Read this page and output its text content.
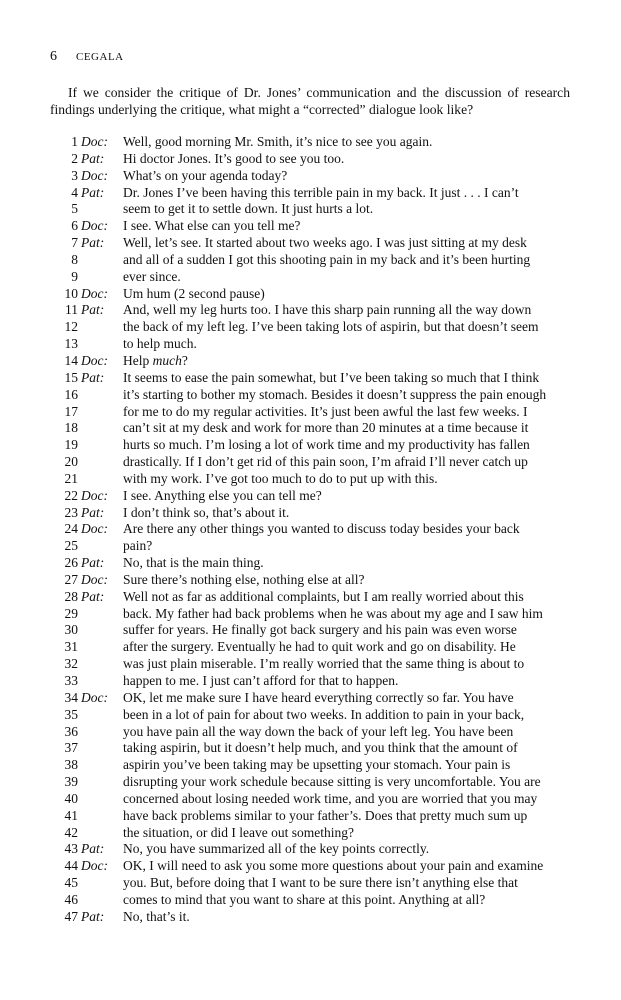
6 CEGALA
If we consider the critique of Dr. Jones’ communication and the discussion of research findings underlying the critique, what might a “corrected” dialogue look like?
1 Doc: Well, good morning Mr. Smith, it’s nice to see you again.
2 Pat: Hi doctor Jones. It’s good to see you too.
3 Doc: What’s on your agenda today?
4 Pat: Dr. Jones I’ve been having this terrible pain in my back. It just . . . I can’t
5	seem to get it to settle down. It just hurts a lot.
6 Doc: I see. What else can you tell me?
7 Pat: Well, let’s see. It started about two weeks ago. I was just sitting at my desk
8	and all of a sudden I got this shooting pain in my back and it’s been hurting
9	ever since.
10 Doc: Um hum (2 second pause)
11 Pat: And, well my leg hurts too. I have this sharp pain running all the way down
12	the back of my left leg. I’ve been taking lots of aspirin, but that doesn’t seem
13	to help much.
14 Doc: Help much?
15 Pat: It seems to ease the pain somewhat, but I’ve been taking so much that I think
16	it’s starting to bother my stomach. Besides it doesn’t suppress the pain enough
17	for me to do my regular activities. It’s just been awful the last few weeks. I
18	can’t sit at my desk and work for more than 20 minutes at a time because it
19	hurts so much. I’m losing a lot of work time and my productivity has fallen
20	drastically. If I don’t get rid of this pain soon, I’m afraid I’ll never catch up
21	with my work. I’ve got too much to do to put up with this.
22 Doc: I see. Anything else you can tell me?
23 Pat: I don’t think so, that’s about it.
24 Doc: Are there any other things you wanted to discuss today besides your back
25	pain?
26 Pat: No, that is the main thing.
27 Doc: Sure there’s nothing else, nothing else at all?
28 Pat: Well not as far as additional complaints, but I am really worried about this
29	back. My father had back problems when he was about my age and I saw him
30	suffer for years. He finally got back surgery and his pain was even worse
31	after the surgery. Eventually he had to quit work and go on disability. He
32	was just plain miserable. I’m really worried that the same thing is about to
33	happen to me. I just can’t afford for that to happen.
34 Doc: OK, let me make sure I have heard everything correctly so far. You have
35	been in a lot of pain for about two weeks. In addition to pain in your back,
36	you have pain all the way down the back of your left leg. You have been
37	taking aspirin, but it doesn’t help much, and you think that the amount of
38	aspirin you’ve been taking may be upsetting your stomach. Your pain is
39	disrupting your work schedule because sitting is very uncomfortable. You are
40	concerned about losing needed work time, and you are worried that you may
41	have back problems similar to your father’s. Does that pretty much sum up
42	the situation, or did I leave out something?
43 Pat: No, you have summarized all of the key points correctly.
44 Doc: OK, I will need to ask you some more questions about your pain and examine
45	you. But, before doing that I want to be sure there isn’t anything else that
46	comes to mind that you want to share at this point. Anything at all?
47 Pat: No, that’s it.
